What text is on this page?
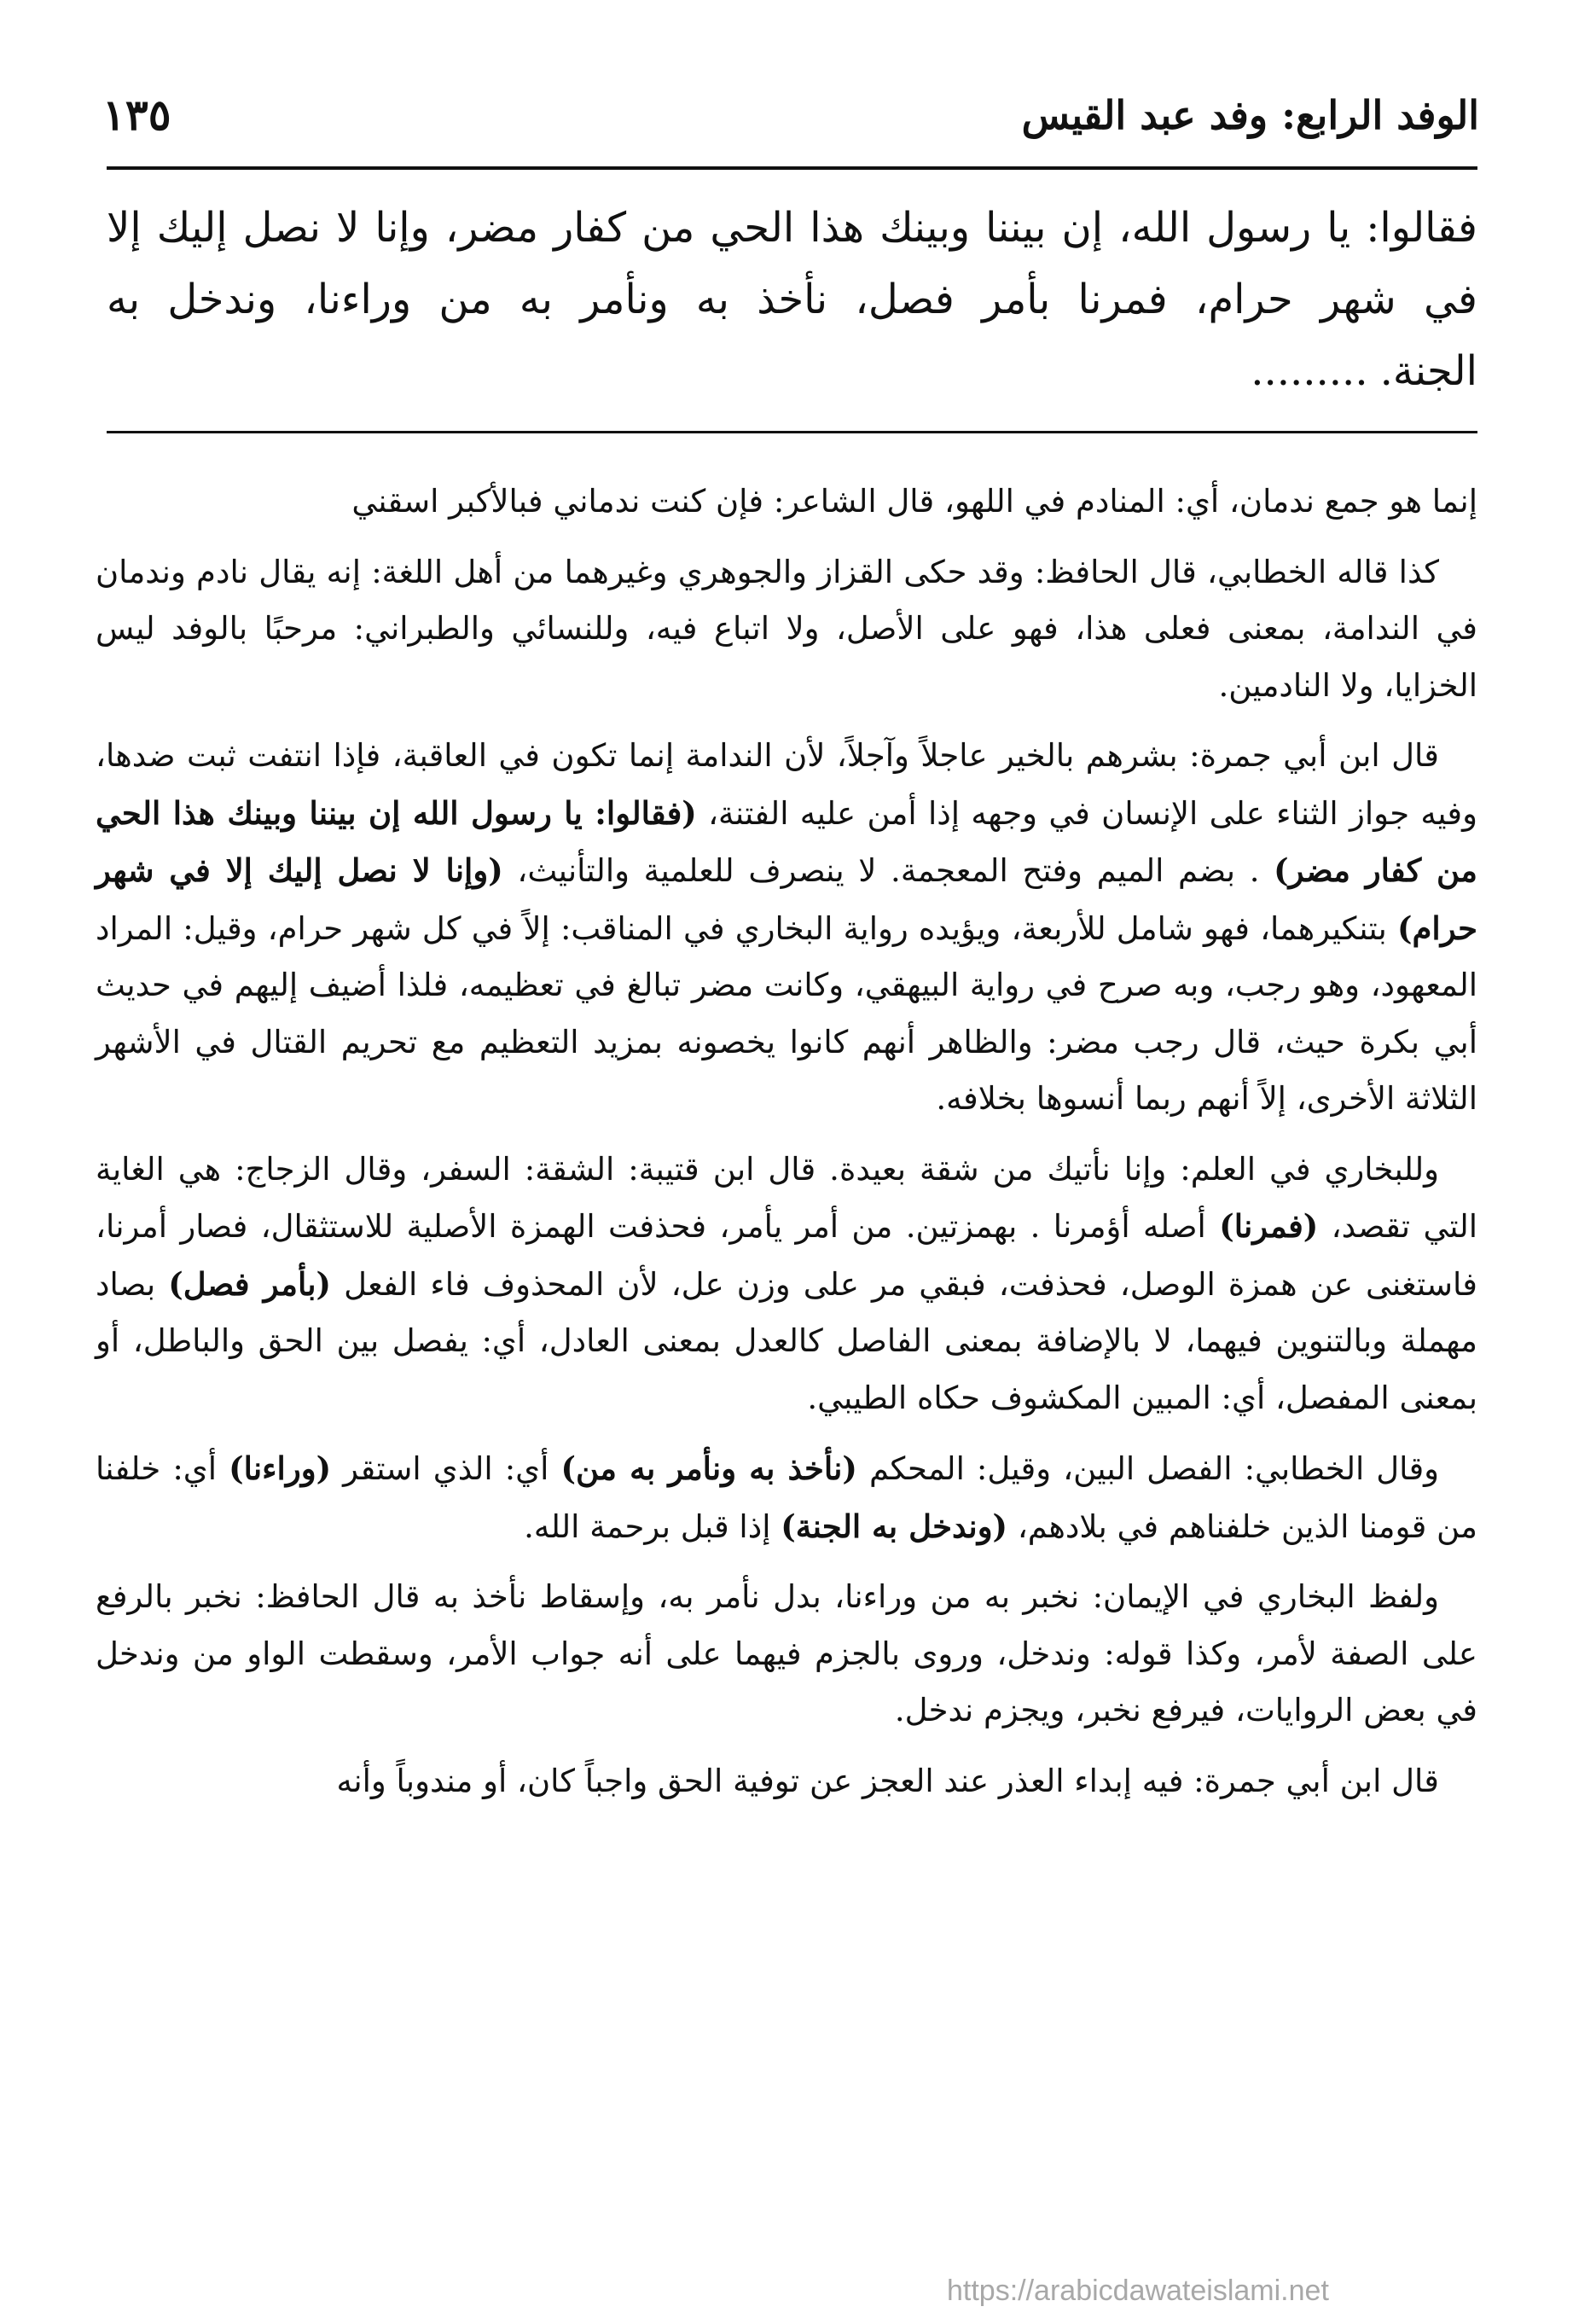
الوفد الرابع: وفد عبد القيس
١٣٥
فقالوا: يا رسول الله، إن بيننا وبينك هذا الحي من كفار مضر، وإنا لا نصل إليك إلا في شهر حرام، فمرنا بأمر فصل، نأخذ به ونأمر به من وراءنا، وندخل به الجنة..........

إنما هو جمع ندمان، أي: المنادم في اللهو، قال الشاعر: فإن كنت ندماني فبالأكبر اسقني

كذا قاله الخطابي، قال الحافظ: وقد حكى القزاز والجوهري وغيرهما من أهل اللغة: إنه يقال نادم وندمان في الندامة، بمعنى فعلى هذا، فهو على الأصل، ولا اتباع فيه، وللنسائي والطبراني: مرحبًا بالوفد ليس الخزايا، ولا النادمين.

قال ابن أبي جمرة: بشرهم بالخير عاجلاً وآجلاً، لأن الندامة إنما تكون في العاقبة، فإذا انتفت ثبت ضدها، وفيه جواز الثناء على الإنسان في وجهه إذا أمن عليه الفتنة، (فقالوا: يا رسول الله إن بيننا وبينك هذا الحي من كفار مضر) . بضم الميم وفتح المعجمة. لا ينصرف للعلمية والتأنيث، (وإنا لا نصل إليك إلا في شهر حرام) بتنكيرهما، فهو شامل للأربعة، ويؤيده رواية البخاري في المناقب: إلاً في كل شهر حرام، وقيل: المراد المعهود، وهو رجب، وبه صرح في رواية البيهقي، وكانت مضر تبالغ في تعظيمه، فلذا أضيف إليهم في حديث أبي بكرة حيث، قال رجب مضر: والظاهر أنهم كانوا يخصونه بمزيد التعظيم مع تحريم القتال في الأشهر الثلاثة الأخرى، إلاً أنهم ربما أنسوها بخلافه.

وللبخاري في العلم: وإنا نأتيك من شقة بعيدة. قال ابن قتيبة: الشقة: السفر، وقال الزجاج: هي الغاية التي تقصد، (فمرنا) أصله أؤمرنا . بهمزتين. من أمر يأمر، فحذفت الهمزة الأصلية للاستثقال، فصار أمرنا، فاستغنى عن همزة الوصل، فحذفت، فبقي مر على وزن عل، لأن المحذوف فاء الفعل (بأمر فصل) بصاد مهملة وبالتنوين فيهما، لا بالإضافة بمعنى الفاصل كالعدل بمعنى العادل، أي: يفصل بين الحق والباطل، أو بمعنى المفصل، أي: المبين المكشوف حكاه الطيبي.

وقال الخطابي: الفصل البين، وقيل: المحكم (نأخذ به ونأمر به من) أي: الذي استقر (وراءنا) أي: خلفنا من قومنا الذين خلفناهم في بلادهم، (وندخل به الجنة) إذا قبل برحمة الله.

ولفظ البخاري في الإيمان: نخبر به من وراءنا، بدل نأمر به، وإسقاط نأخذ به قال الحافظ: نخبر بالرفع على الصفة لأمر، وكذا قوله: وندخل، وروى بالجزم فيهما على أنه جواب الأمر، وسقطت الواو من وندخل في بعض الروايات، فيرفع نخبر، ويجزم ندخل.

قال ابن أبي جمرة: فيه إبداء العذر عند العجز عن توفية الحق واجباً كان، أو مندوباً وأنه

https://arabicdawateislami.net
